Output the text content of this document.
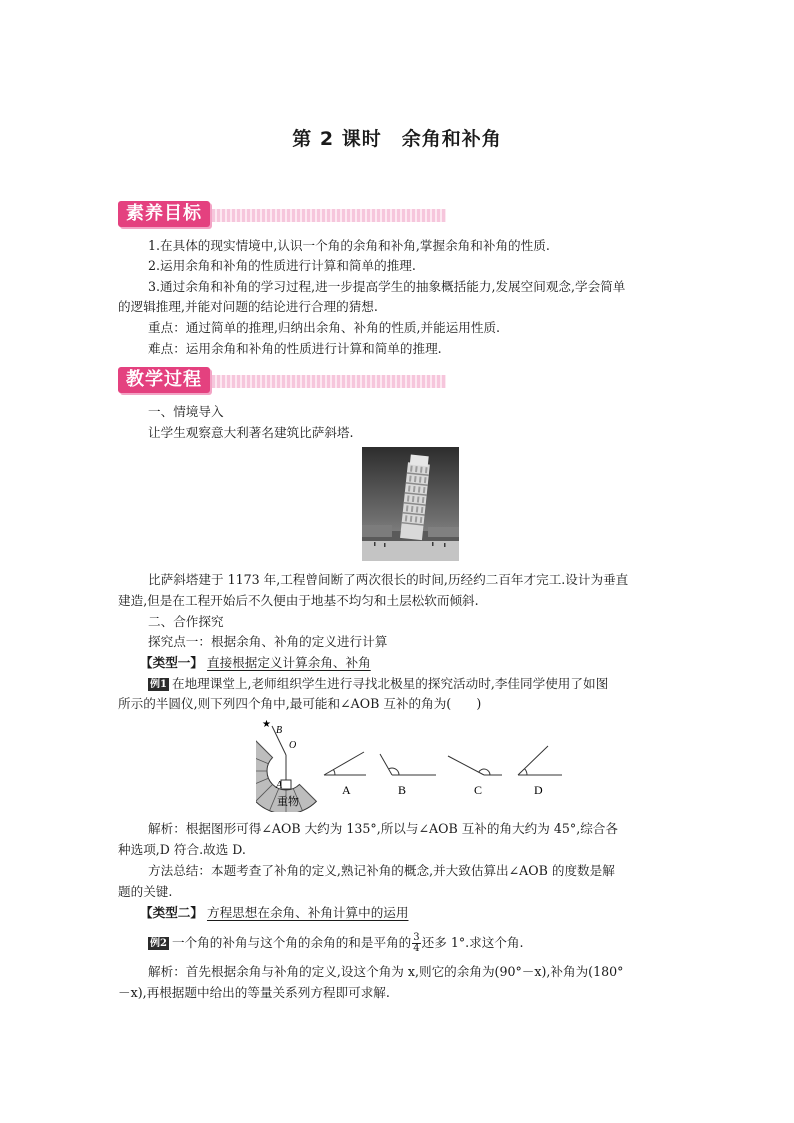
第 2 课时　余角和补角
素养目标
1.在具体的现实情境中,认识一个角的余角和补角,掌握余角和补角的性质.
2.运用余角和补角的性质进行计算和简单的推理.
3.通过余角和补角的学习过程,进一步提高学生的抽象概括能力,发展空间观念,学会简单
的逻辑推理,并能对问题的结论进行合理的猜想.
重点：通过简单的推理,归纳出余角、补角的性质,并能运用性质.
难点：运用余角和补角的性质进行计算和简单的推理.
教学过程
一、情境导入
让学生观察意大利著名建筑比萨斜塔.
比萨斜塔建于 1173 年,工程曾间断了两次很长的时间,历经约二百年才完工.设计为垂直
建造,但是在工程开始后不久便由于地基不均匀和土层松软而倾斜.
二、合作探究
探究点一：根据余角、补角的定义进行计算
【类型一】 直接根据定义计算余角、补角
例1 在地理课堂上,老师组织学生进行寻找北极星的探究活动时,李佳同学使用了如图
所示的半圆仪,则下列四个角中,最可能和∠AOB 互补的角为(　　)
★
B
O
A
重物
A	B	C	D
解析：根据图形可得∠AOB 大约为 135°,所以与∠AOB 互补的角大约为 45°,综合各
种选项,D 符合.故选 D.
方法总结：本题考查了补角的定义,熟记补角的概念,并大致估算出∠AOB 的度数是解
题的关键.
【类型二】 方程思想在余角、补角计算中的运用
例2 一个角的补角与这个角的余角的和是平角的 $\frac{3}{4}$ 还多 1°.求这个角.
解析：首先根据余角与补角的定义,设这个角为 x,则它的余角为(90°－x),补角为(180°
－x),再根据题中给出的等量关系列方程即可求解.
